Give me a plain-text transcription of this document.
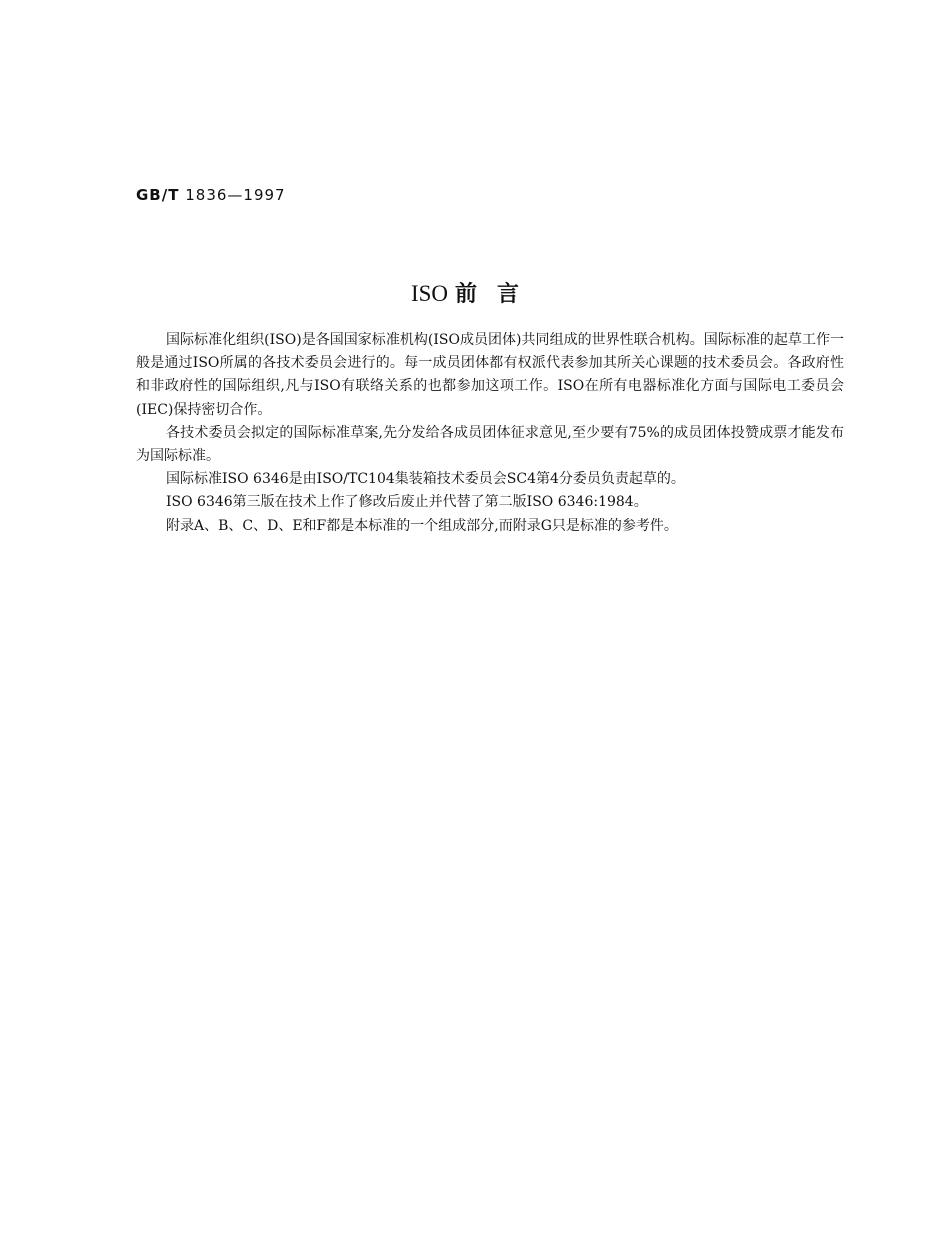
GB/T 1836—1997
ISO 前言

国际标准化组织(ISO)是各国国家标准机构(ISO成员团体)共同组成的世界性联合机构。国际标准的起草工作一般是通过ISO所属的各技术委员会进行的。每一成员团体都有权派代表参加其所关心课题的技术委员会。各政府性和非政府性的国际组织,凡与ISO有联络关系的也都参加这项工作。ISO在所有电器标准化方面与国际电工委员会(IEC)保持密切合作。

各技术委员会拟定的国际标准草案,先分发给各成员团体征求意见,至少要有75%的成员团体投赞成票才能发布为国际标准。

国际标准ISO 6346是由ISO/TC104集装箱技术委员会SC4第4分委员负责起草的。

ISO 6346第三版在技术上作了修改后废止并代替了第二版ISO 6346:1984。

附录A、B、C、D、E和F都是本标准的一个组成部分,而附录G只是标准的参考件。
